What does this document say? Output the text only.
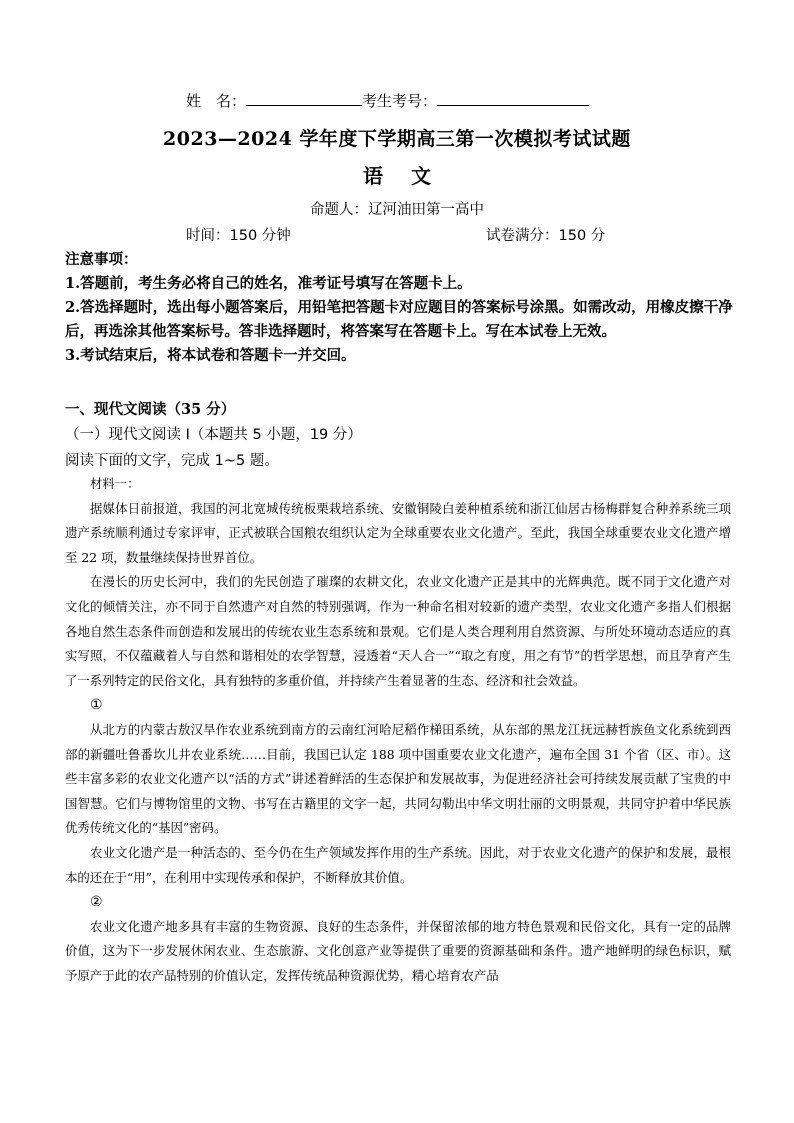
姓　名：	考生考号：
2023—2024 学年度下学期高三第一次模拟考试试题
语文
命题人：辽河油田第一高中
时间：150 分钟	试卷满分：150 分

注意事项：

1.答题前，考生务必将自己的姓名，准考证号填写在答题卡上。

2.答选择题时，选出每小题答案后，用铅笔把答题卡对应题目的答案标号涂黑。如需改动，用橡皮擦干净后，再选涂其他答案标号。答非选择题时，将答案写在答题卡上。写在本试卷上无效。

3.考试结束后，将本试卷和答题卡一并交回。

一、现代文阅读（35 分）
（一）现代文阅读 I（本题共 5 小题，19 分）
阅读下面的文字，完成 1~5 题。

材料一：

据媒体日前报道，我国的河北宽城传统板栗栽培系统、安徽铜陵白姜种植系统和浙江仙居古杨梅群复合种养系统三项遗产系统顺利通过专家评审，正式被联合国粮农组织认定为全球重要农业文化遗产。至此，我国全球重要农业文化遗产增至 22 项，数量继续保持世界首位。

在漫长的历史长河中，我们的先民创造了璀璨的农耕文化，农业文化遗产正是其中的光辉典范。既不同于文化遗产对文化的倾情关注，亦不同于自然遗产对自然的特别强调，作为一种命名相对较新的遗产类型，农业文化遗产多指人们根据各地自然生态条件而创造和发展出的传统农业生态系统和景观。它们是人类合理利用自然资源、与所处环境动态适应的真实写照，不仅蕴藏着人与自然和谐相处的农学智慧，浸透着“天人合一”“取之有度，用之有节”的哲学思想，而且孕育产生了一系列特定的民俗文化，具有独特的多重价值，并持续产生着显著的生态、经济和社会效益。

①

从北方的内蒙古敖汉旱作农业系统到南方的云南红河哈尼稻作梯田系统，从东部的黑龙江抚远赫哲族鱼文化系统到西部的新疆吐鲁番坎儿井农业系统……目前，我国已认定 188 项中国重要农业文化遗产，遍布全国 31 个省（区、市）。这些丰富多彩的农业文化遗产以“活的方式”讲述着鲜活的生态保护和发展故事，为促进经济社会可持续发展贡献了宝贵的中国智慧。它们与博物馆里的文物、书写在古籍里的文字一起，共同勾勒出中华文明壮丽的文明景观，共同守护着中华民族优秀传统文化的“基因”密码。

农业文化遗产是一种活态的、至今仍在生产领域发挥作用的生产系统。因此，对于农业文化遗产的保护和发展，最根本的还在于“用”，在利用中实现传承和保护，不断释放其价值。

②

农业文化遗产地多具有丰富的生物资源、良好的生态条件，并保留浓郁的地方特色景观和民俗文化，具有一定的品牌价值，这为下一步发展休闲农业、生态旅游、文化创意产业等提供了重要的资源基础和条件。遗产地鲜明的绿色标识，赋予原产于此的农产品特别的价值认定，发挥传统品种资源优势，精心培育农产品
